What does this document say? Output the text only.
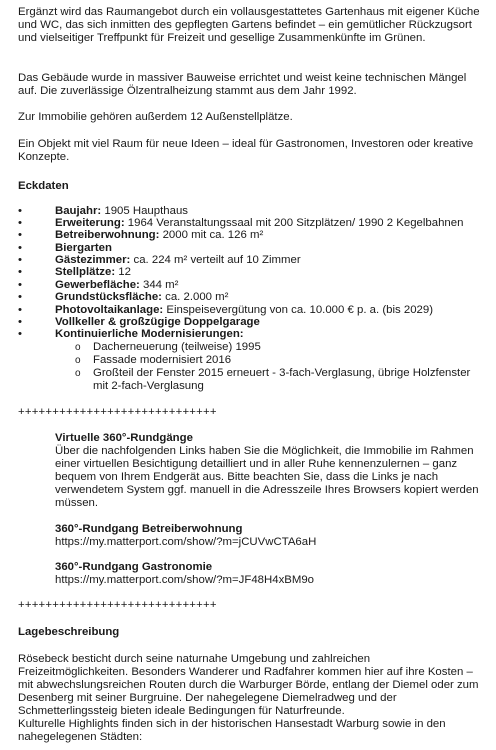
Ergänzt wird das Raumangebot durch ein vollausgestattetes Gartenhaus mit eigener Küche und WC, das sich inmitten des gepflegten Gartens befindet – ein gemütlicher Rückzugsort und vielseitiger Treffpunkt für Freizeit und gesellige Zusammenkünfte im Grünen.

Das Gebäude wurde in massiver Bauweise errichtet und weist keine technischen Mängel auf. Die zuverlässige Ölzentralheizung stammt aus dem Jahr 1992.

Zur Immobilie gehören außerdem 12 Außenstellplätze.

Ein Objekt mit viel Raum für neue Ideen – ideal für Gastronomen, Investoren oder kreative Konzepte.

Eckdaten

•	Baujahr: 1905 Haupthaus
•	Erweiterung: 1964 Veranstaltungssaal mit 200 Sitzplätzen/ 1990 2 Kegelbahnen
•	Betreiberwohnung: 2000 mit ca. 126 m²
•	Biergarten
•	Gästezimmer: ca. 224 m² verteilt auf 10 Zimmer
•	Stellplätze: 12
•	Gewerbefläche: 344 m²
•	Grundstücksfläche: ca. 2.000 m²
•	Photovoltaikanlage: Einspeisevergütung von ca. 10.000 € p. a. (bis 2029)
•	Vollkeller & großzügige Doppelgarage
•	Kontinuierliche Modernisierungen:
o Dacherneuerung (teilweise) 1995
o Fassade modernisiert 2016
o Großteil der Fenster 2015 erneuert - 3-fach-Verglasung, übrige Holzfenster
mit 2-fach-Verglasung
+++++++++++++++++++++++++++++

Virtuelle 360°-Rundgänge

Über die nachfolgenden Links haben Sie die Möglichkeit, die Immobilie im Rahmen einer virtuellen Besichtigung detailliert und in aller Ruhe kennenzulernen – ganz bequem von Ihrem Endgerät aus. Bitte beachten Sie, dass die Links je nach verwendetem System ggf. manuell in die Adresszeile Ihres Browsers kopiert werden müssen.

360°-Rundgang Betreiberwohnung

https://my.matterport.com/show/?m=jCUVwCTA6aH

360°-Rundgang Gastronomie

https://my.matterport.com/show/?m=JF48H4xBM9o

+++++++++++++++++++++++++++++

Lagebeschreibung

Rösebeck besticht durch seine naturnahe Umgebung und zahlreichen Freizeitmöglichkeiten. Besonders Wanderer und Radfahrer kommen hier auf ihre Kosten – mit abwechslungsreichen Routen durch die Warburger Börde, entlang der Diemel oder zum Desenberg mit seiner Burgruine. Der nahegelegene Diemelradweg und der Schmetterlingssteig bieten ideale Bedingungen für Naturfreunde.

Kulturelle Highlights finden sich in der historischen Hansestadt Warburg sowie in den nahegelegenen Städten:
